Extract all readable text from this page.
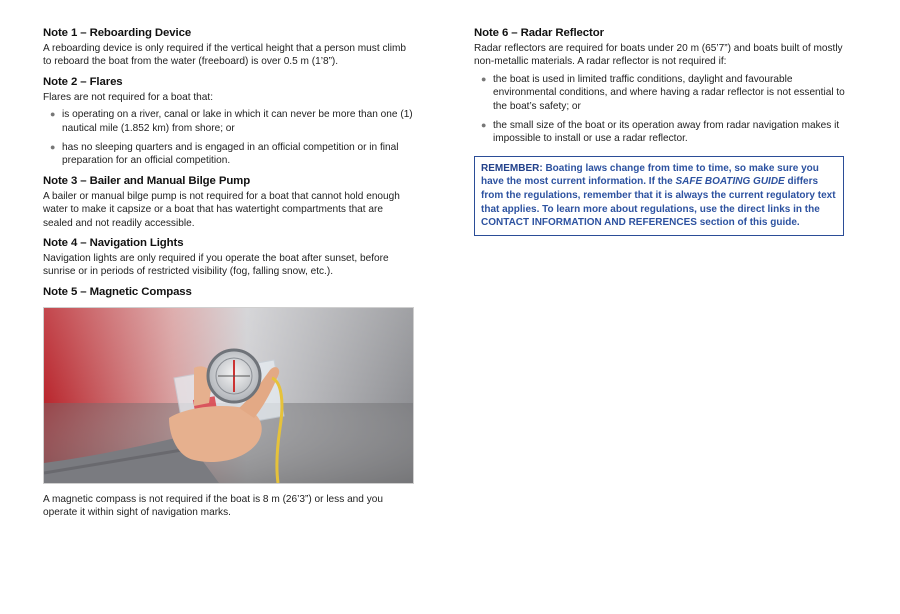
Note 1 – Reboarding Device

A reboarding device is only required if the vertical height that a person must climb to reboard the boat from the water (freeboard) is over 0.5 m (1’8”).

Note 2 – Flares

Flares are not required for a boat that:

● is operating on a river, canal or lake in which it can never be more than one (1) nautical mile (1.852 km) from shore; or
● has no sleeping quarters and is engaged in an official competition or in final preparation for an official competition.
Note 3 – Bailer and Manual Bilge Pump

A bailer or manual bilge pump is not required for a boat that cannot hold enough water to make it capsize or a boat that has watertight compartments that are sealed and not readily accessible.

Note 4 – Navigation Lights

Navigation lights are only required if you operate the boat after sunset, before sunrise or in periods of restricted visibility (fog, falling snow, etc.).

Note 5 – Magnetic Compass

A magnetic compass is not required if the boat is 8 m (26’3”) or less and you operate it within sight of navigation marks.

Note 6 – Radar Reflector

Radar reflectors are required for boats under 20 m (65’7”) and boats built of mostly non-metallic materials. A radar reflector is not required if:

● the boat is used in limited traffic conditions, daylight and favourable environmental conditions, and where having a radar reflector is not essential to the boat’s safety; or
● the small size of the boat or its operation away from radar navigation makes it impossible to install or use a radar reflector.
REMEMBER: Boating laws change from time to time, so make sure you have the most current information. If the SAFE BOATING GUIDE differs from the regulations, remember that it is always the current regulatory text that applies. To learn more about regulations, use the direct links in the CONTACT INFORMATION AND REFERENCES section of this guide.
